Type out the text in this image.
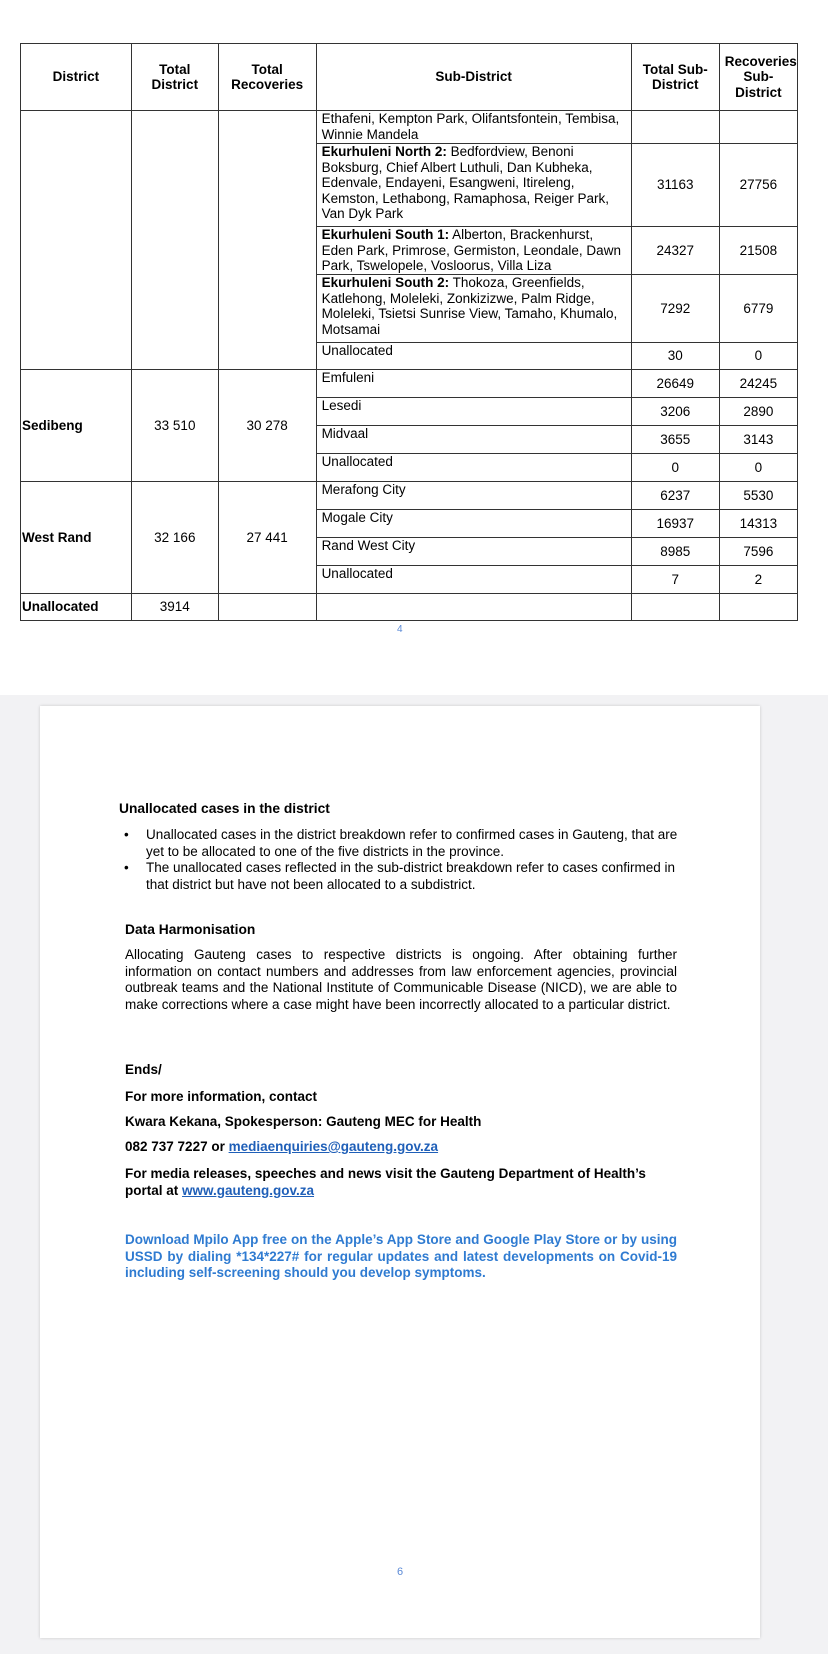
District	Total District	Total Recoveries	Sub-District	Total Sub-District	Recoveries Sub-District
			Ethafeni, Kempton Park, Olifantsfontein, Tembisa, Winnie Mandela		
			Ekurhuleni North 2: Bedfordview, Benoni Boksburg, Chief Albert Luthuli, Dan Kubheka, Edenvale, Endayeni, Esangweni, Itireleng, Kemston, Lethabong, Ramaphosa, Reiger Park, Van Dyk Park	31163	27756
			Ekurhuleni South 1: Alberton, Brackenhurst, Eden Park, Primrose, Germiston, Leondale, Dawn Park, Tswelopele, Vosloorus, Villa Liza	24327	21508
			Ekurhuleni South 2: Thokoza, Greenfields, Katlehong, Moleleki, Zonkizizwe, Palm Ridge, Moleleki, Tsietsi Sunrise View, Tamaho, Khumalo, Motsamai	7292	6779
			Unallocated	30	0
Sedibeng	33 510	30 278	Emfuleni	26649	24245
			Lesedi	3206	2890
			Midvaal	3655	3143
			Unallocated	0	0
West Rand	32 166	27 441	Merafong City	6237	5530
			Mogale City	16937	14313
			Rand West City	8985	7596
			Unallocated	7	2
Unallocated	3914				
4
Unallocated cases in the district
• Unallocated cases in the district breakdown refer to confirmed cases in Gauteng, that are yet to be allocated to one of the five districts in the province.
• The unallocated cases reflected in the sub-district breakdown refer to cases confirmed in that district but have not been allocated to a subdistrict.
Data Harmonisation
Allocating Gauteng cases to respective districts is ongoing. After obtaining further information on contact numbers and addresses from law enforcement agencies, provincial outbreak teams and the National Institute of Communicable Disease (NICD), we are able to make corrections where a case might have been incorrectly allocated to a particular district.
Ends/
For more information, contact
Kwara Kekana, Spokesperson: Gauteng MEC for Health
082 737 7227 or mediaenquiries@gauteng.gov.za
For media releases, speeches and news visit the Gauteng Department of Health’s portal at www.gauteng.gov.za
Download Mpilo App free on the Apple’s App Store and Google Play Store or by using USSD by dialing *134*227# for regular updates and latest developments on Covid-19 including self-screening should you develop symptoms.
6
